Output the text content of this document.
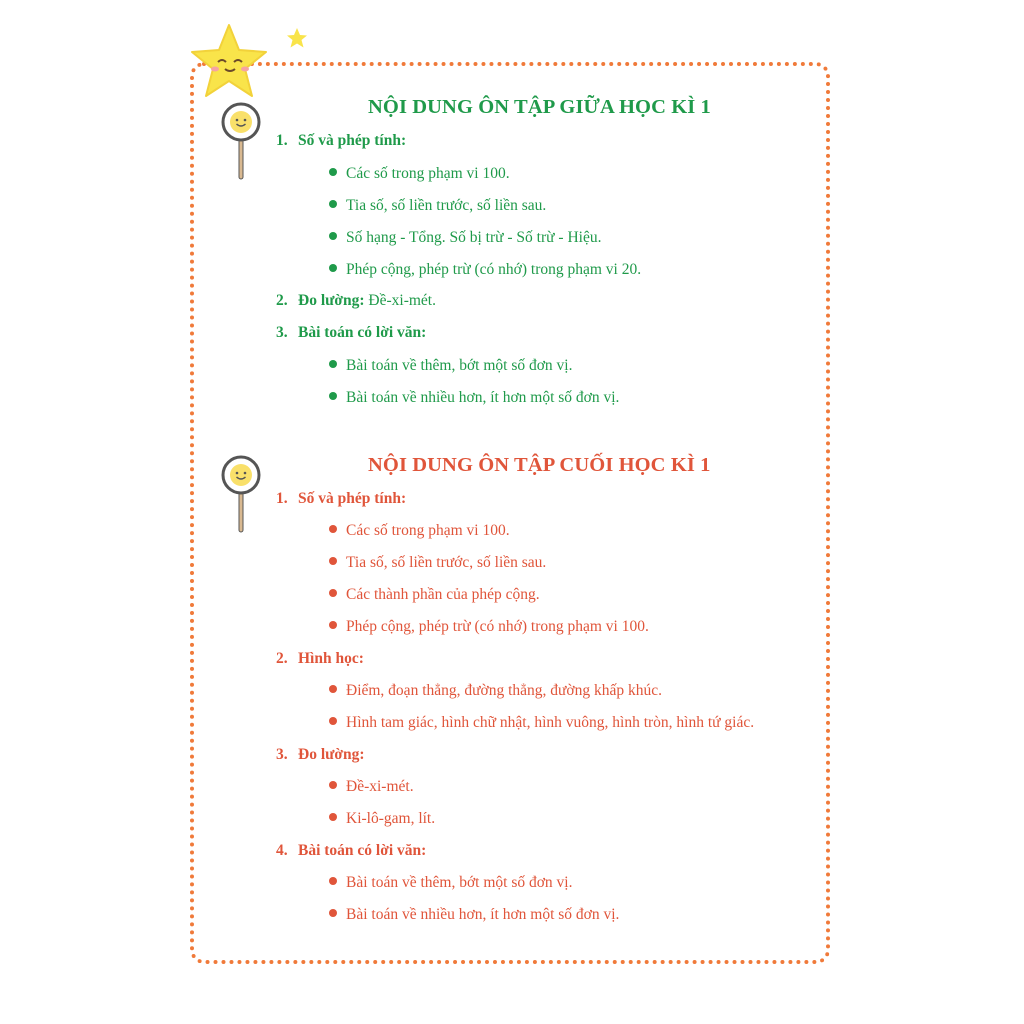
NỘI DUNG ÔN TẬP GIỮA HỌC KÌ 1
1. Số và phép tính:
Các số trong phạm vi 100.
Tia số, số liền trước, số liền sau.
Số hạng - Tổng. Số bị trừ - Số trừ - Hiệu.
Phép cộng, phép trừ (có nhớ) trong phạm vi 20.
2. Đo lường: Đề-xi-mét.
3. Bài toán có lời văn:
Bài toán về thêm, bớt một số đơn vị.
Bài toán về nhiều hơn, ít hơn một số đơn vị.
NỘI DUNG ÔN TẬP CUỐI HỌC KÌ 1
1. Số và phép tính:
Các số trong phạm vi 100.
Tia số, số liền trước, số liền sau.
Các thành phần của phép cộng.
Phép cộng, phép trừ (có nhớ) trong phạm vi 100.
2. Hình học:
Điểm, đoạn thẳng, đường thẳng, đường khấp khúc.
Hình tam giác, hình chữ nhật, hình vuông, hình tròn, hình tứ giác.
3. Đo lường:
Đề-xi-mét.
Ki-lô-gam, lít.
4. Bài toán có lời văn:
Bài toán về thêm, bớt một số đơn vị.
Bài toán về nhiều hơn, ít hơn một số đơn vị.
